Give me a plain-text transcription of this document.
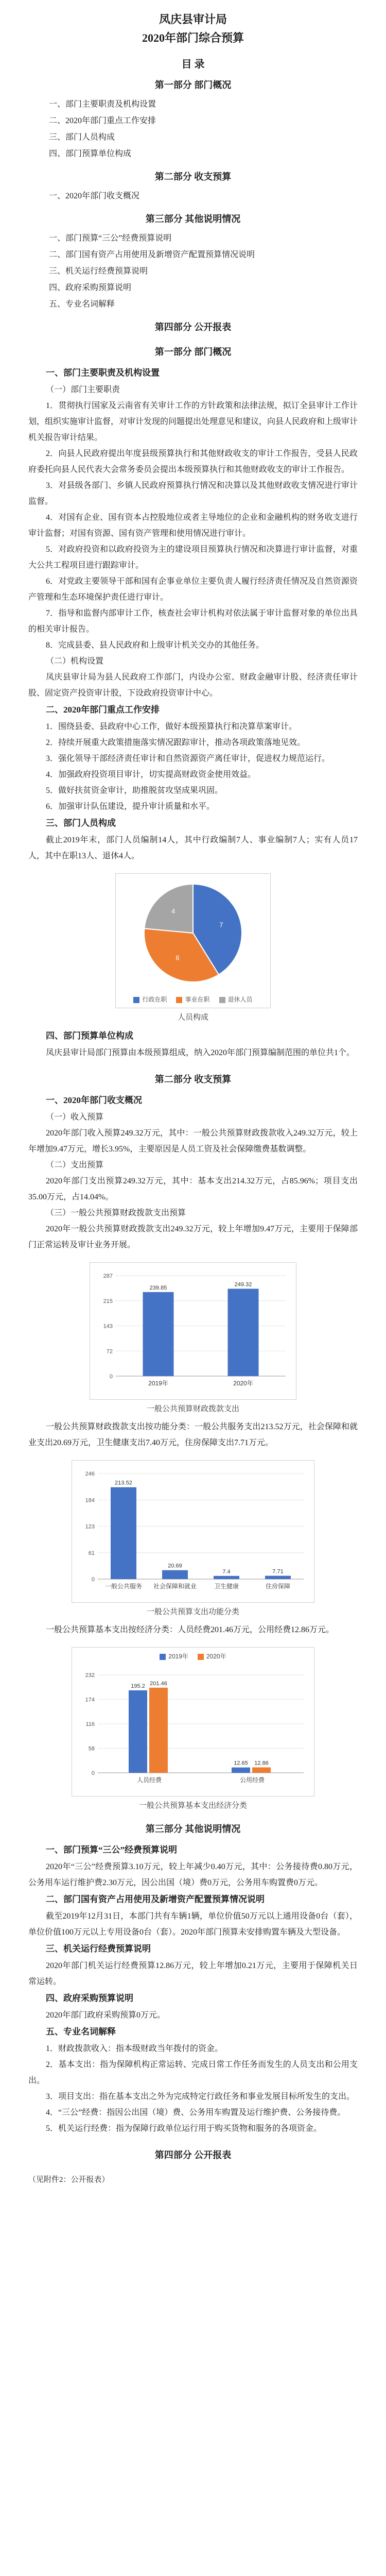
凤庆县审计局
2020年部门综合预算
目 录
第一部分 部门概况
一、部门主要职责及机构设置
二、2020年部门重点工作安排
三、部门人员构成
四、部门预算单位构成
第二部分 收支预算
一、2020年部门收支概况
第三部分 其他说明情况
一、部门预算“三公”经费预算说明
二、部门国有资产占用使用及新增资产配置预算情况说明
三、机关运行经费预算说明
四、政府采购预算说明
五、专业名词解释
第四部分 公开报表
第一部分 部门概况
一、部门主要职责及机构设置

（一）部门主要职责

1．贯彻执行国家及云南省有关审计工作的方针政策和法律法规，拟订全县审计工作计划，组织实施审计监督，对审计发现的问题提出处理意见和建议，向县人民政府和上级审计机关报告审计结果。

2．向县人民政府提出年度县级预算执行和其他财政收支的审计工作报告，受县人民政府委托向县人民代表大会常务委员会提出本级预算执行和其他财政收支的审计工作报告。

3．对县级各部门、乡镇人民政府预算执行情况和决算以及其他财政收支情况进行审计监督。

4．对国有企业、国有资本占控股地位或者主导地位的企业和金融机构的财务收支进行审计监督；对国有资源、国有资产管理和使用情况进行审计。

5．对政府投资和以政府投资为主的建设项目预算执行情况和决算进行审计监督，对重大公共工程项目进行跟踪审计。

6．对党政主要领导干部和国有企事业单位主要负责人履行经济责任情况及自然资源资产管理和生态环境保护责任进行审计。

7．指导和监督内部审计工作，核查社会审计机构对依法属于审计监督对象的单位出具的相关审计报告。

8．完成县委、县人民政府和上级审计机关交办的其他任务。

（二）机构设置

凤庆县审计局为县人民政府工作部门，内设办公室、财政金融审计股、经济责任审计股、固定资产投资审计股，下设政府投资审计中心。

二、2020年部门重点工作安排

1．围绕县委、县政府中心工作，做好本级预算执行和决算草案审计。

2．持续开展重大政策措施落实情况跟踪审计，推动各项政策落地见效。

3．强化领导干部经济责任审计和自然资源资产离任审计，促进权力规范运行。

4．加强政府投资项目审计，切实提高财政资金使用效益。

5．做好扶贫资金审计，助推脱贫攻坚成果巩固。

6．加强审计队伍建设，提升审计质量和水平。

三、部门人员构成

截止2019年末，部门人员编制14人，其中行政编制7人、事业编制7人；实有人员17人，其中在职13人、退休4人。

7
6
4
行政在职	事业在职	退休人员
人员构成
四、部门预算单位构成

凤庆县审计局部门预算由本级预算组成，纳入2020年部门预算编制范围的单位共1个。

第二部分 收支预算
一、2020年部门收支概况

（一）收入预算

2020年部门收入预算249.32万元，其中：一般公共预算财政拨款收入249.32万元，较上年增加9.47万元，增长3.95%，主要原因是人员工资及社会保障缴费基数调整。

（二）支出预算

2020年部门支出预算249.32万元，其中：基本支出214.32万元，占85.96%；项目支出35.00万元，占14.04%。

（三）一般公共预算财政拨款支出预算

2020年一般公共预算财政拨款支出249.32万元，较上年增加9.47万元，主要用于保障部门正常运转及审计业务开展。

0
72
143
215
287
239.85
2019年
249.32
2020年
一般公共预算财政拨款支出

一般公共预算财政拨款支出按功能分类：一般公共服务支出213.52万元，社会保障和就业支出20.69万元，卫生健康支出7.40万元，住房保障支出7.71万元。

0
61
123
184
246
213.52
一般公共服务
20.69
社会保障和就业
7.4
卫生健康
7.71
住房保障
一般公共预算支出功能分类

一般公共预算基本支出按经济分类：人员经费201.46万元，公用经费12.86万元。

2019年	2020年
0
58
116
174
232
195.2 201.46
人员经费
12.65 12.86
公用经费
一般公共预算基本支出经济分类
第三部分 其他说明情况
一、部门预算“三公”经费预算说明

2020年“三公”经费预算3.10万元，较上年减少0.40万元，其中：公务接待费0.80万元，公务用车运行维护费2.30万元，因公出国（境）费0万元，公务用车购置费0万元。

二、部门国有资产占用使用及新增资产配置预算情况说明

截至2019年12月31日，本部门共有车辆1辆，单位价值50万元以上通用设备0台（套），单位价值100万元以上专用设备0台（套）。2020年部门预算未安排购置车辆及大型设备。

三、机关运行经费预算说明

2020年部门机关运行经费预算12.86万元，较上年增加0.21万元，主要用于保障机关日常运转。

四、政府采购预算说明

2020年部门政府采购预算0万元。

五、专业名词解释

1．财政拨款收入：指本级财政当年拨付的资金。

2．基本支出：指为保障机构正常运转、完成日常工作任务而发生的人员支出和公用支出。

3．项目支出：指在基本支出之外为完成特定行政任务和事业发展目标所发生的支出。

4．“三公”经费：指因公出国（境）费、公务用车购置及运行维护费、公务接待费。

5．机关运行经费：指为保障行政单位运行用于购买货物和服务的各项资金。

第四部分 公开报表
（见附件2：公开报表）
